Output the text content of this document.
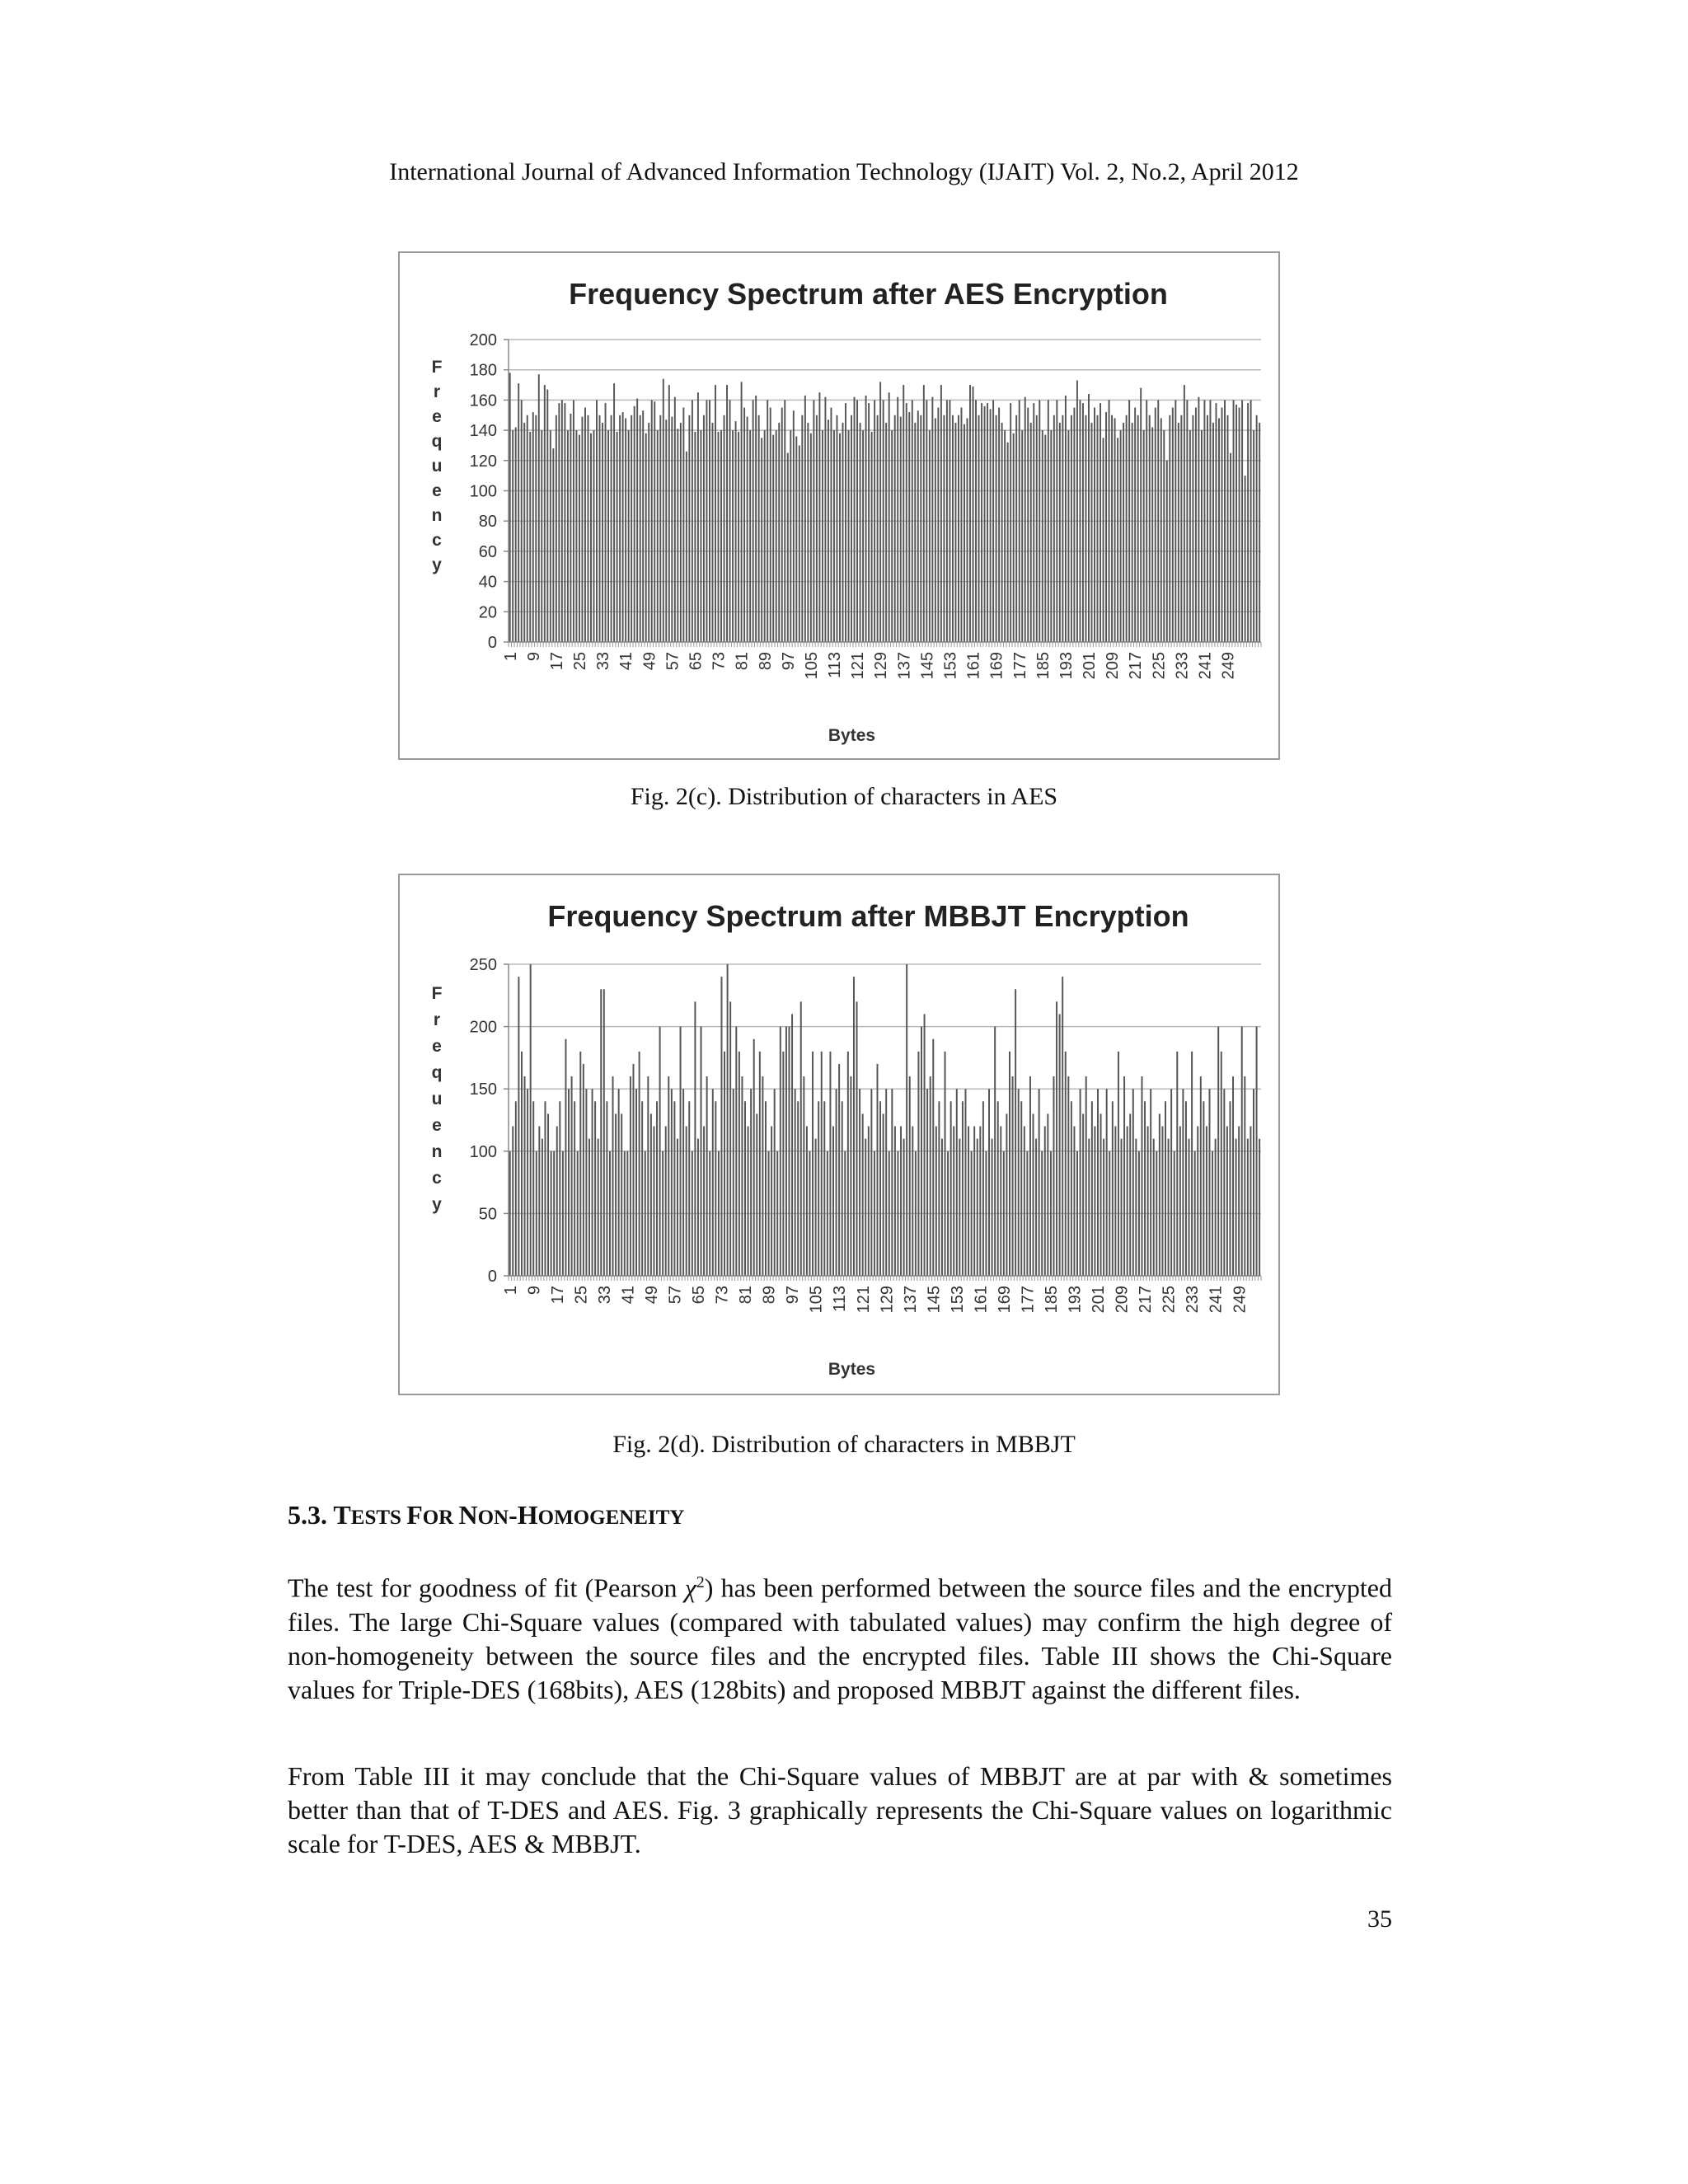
International Journal of Advanced Information Technology (IJAIT) Vol. 2, No.2, April 2012
Frequency Spectrum after AES Encryption
0
20
40
60
80
100
120
140
160
180
200
1 9 17 25 33 41 49 57 65 73 81 89 97 105 113 121 129 137 145 153 161 169 177 185 193 201 209 217 225 233 241 249
Bytes
F
r
e
q
u
e
n
c
y
Fig. 2(c). Distribution of characters in AES
Frequency Spectrum after MBBJT Encryption
0
50
100
150
200
250
1 9 17 25 33 41 49 57 65 73 81 89 97 105 113 121 129 137 145 153 161 169 177 185 193 201 209 217 225 233 241 249
Bytes
F
r
e
q
u
e
n
c
y
Fig. 2(d). Distribution of characters in MBBJT
5.3. TESTS FOR NON-HOMOGENEITY

The test for goodness of fit (Pearson $\chi^2$) has been performed between the source files and the encrypted files. The large Chi-Square values (compared with tabulated values) may confirm the high degree of non-homogeneity between the source files and the encrypted files. Table III shows the Chi-Square values for Triple-DES (168bits), AES (128bits) and proposed MBBJT against the different files.

From Table III it may conclude that the Chi-Square values of MBBJT are at par with & sometimes better than that of T-DES and AES. Fig. 3 graphically represents the Chi-Square values on logarithmic scale for T-DES, AES & MBBJT.

35
